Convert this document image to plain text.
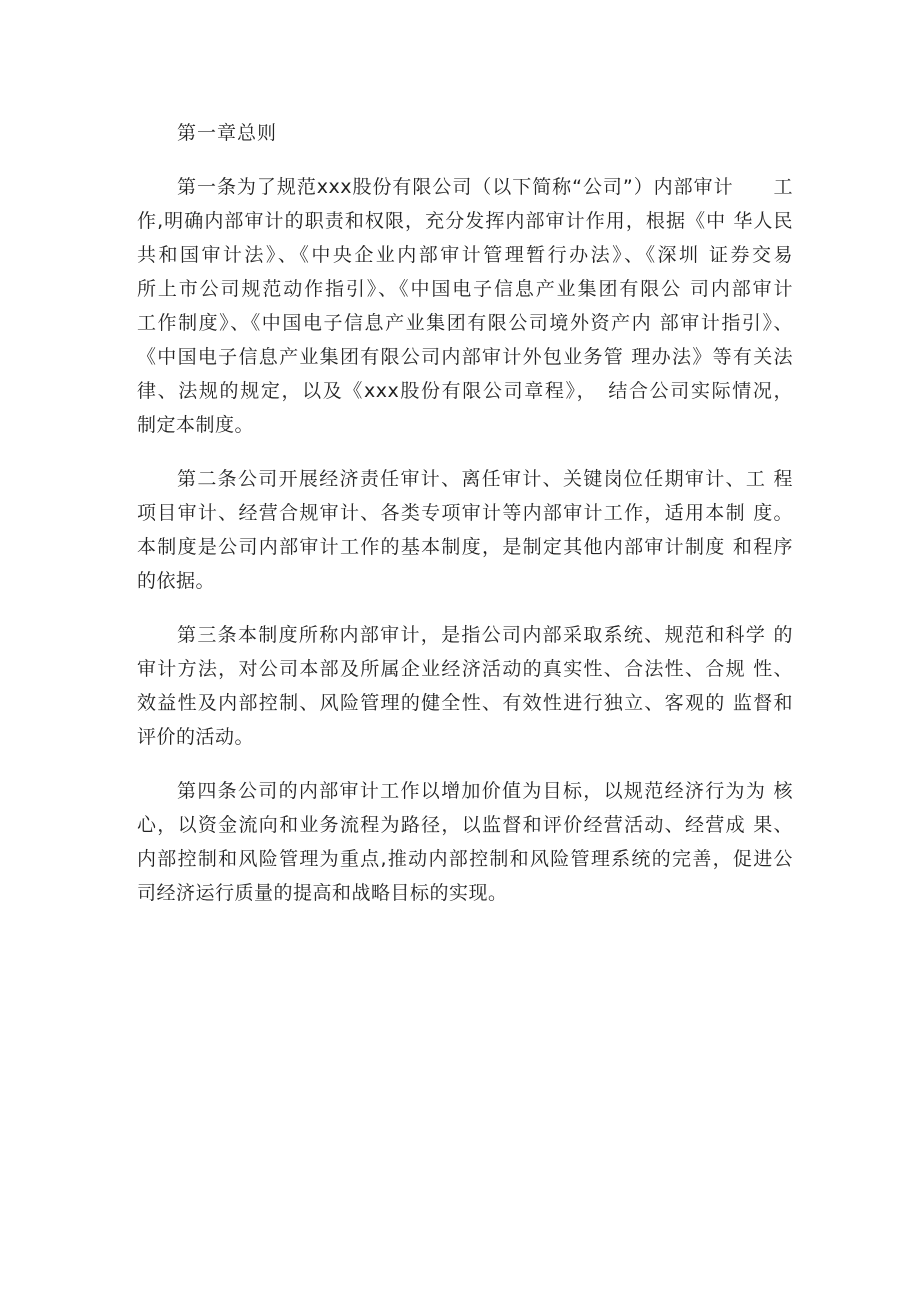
第一章总则
第一条为了规范xxx股份有限公司（以下简称“公司”）内部审计　　工
作,明确内部审计的职责和权限，充分发挥内部审计作用，根据《中 华人民
共和国审计法》、《中央企业内部审计管理暂行办法》、《深圳 证券交易
所上市公司规范动作指引》、《中国电子信息产业集团有限公 司内部审计
工作制度》、《中国电子信息产业集团有限公司境外资产内 部审计指引》、
《中国电子信息产业集团有限公司内部审计外包业务管 理办法》等有关法
律、法规的规定，以及《xxx股份有限公司章程》，　结合公司实际情况，
制定本制度。
第二条公司开展经济责任审计、离任审计、关键岗位任期审计、工 程
项目审计、经营合规审计、各类专项审计等内部审计工作，适用本制 度。
本制度是公司内部审计工作的基本制度，是制定其他内部审计制度 和程序
的依据。
第三条本制度所称内部审计，是指公司内部采取系统、规范和科学 的
审计方法，对公司本部及所属企业经济活动的真实性、合法性、合规 性、
效益性及内部控制、风险管理的健全性、有效性进行独立、客观的 监督和
评价的活动。
第四条公司的内部审计工作以增加价值为目标，以规范经济行为为 核
心，以资金流向和业务流程为路径，以监督和评价经营活动、经营成 果、
内部控制和风险管理为重点,推动内部控制和风险管理系统的完善，促进公
司经济运行质量的提高和战略目标的实现。
